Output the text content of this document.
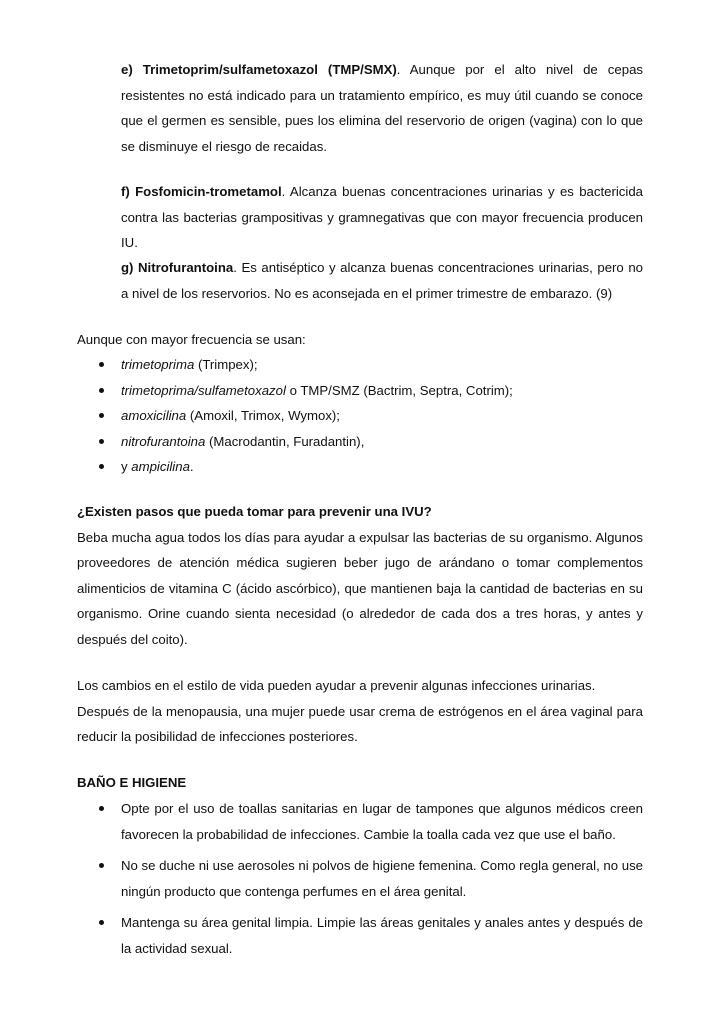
e) Trimetoprim/sulfametoxazol (TMP/SMX). Aunque por el alto nivel de cepas resistentes no está indicado para un tratamiento empírico, es muy útil cuando se conoce que el germen es sensible, pues los elimina del reservorio de origen (vagina) con lo que se disminuye el riesgo de recaidas.
f) Fosfomicin-trometamol. Alcanza buenas concentraciones urinarias y es bactericida contra las bacterias grampositivas y gramnegativas que con mayor frecuencia producen IU.
g) Nitrofurantoina. Es antiséptico y alcanza buenas concentraciones urinarias, pero no a nivel de los reservorios. No es aconsejada en el primer trimestre de embarazo. (9)
Aunque con mayor frecuencia se usan:
trimetoprima (Trimpex);
trimetoprima/sulfametoxazol o TMP/SMZ (Bactrim, Septra, Cotrim);
amoxicilina (Amoxil, Trimox, Wymox);
nitrofurantoina (Macrodantin, Furadantin),
y ampicilina.
¿Existen pasos que pueda tomar para prevenir una IVU?
Beba mucha agua todos los días para ayudar a expulsar las bacterias de su organismo. Algunos proveedores de atención médica sugieren beber jugo de arándano o tomar complementos alimenticios de vitamina C (ácido ascórbico), que mantienen baja la cantidad de bacterias en su organismo. Orine cuando sienta necesidad (o alrededor de cada dos a tres horas, y antes y después del coito).
Los cambios en el estilo de vida pueden ayudar a prevenir algunas infecciones urinarias.
Después de la menopausia, una mujer puede usar crema de estrógenos en el área vaginal para reducir la posibilidad de infecciones posteriores.
BAÑO E HIGIENE
Opte por el uso de toallas sanitarias en lugar de tampones que algunos médicos creen favorecen la probabilidad de infecciones. Cambie la toalla cada vez que use el baño.
No se duche ni use aerosoles ni polvos de higiene femenina. Como regla general, no use ningún producto que contenga perfumes en el área genital.
Mantenga su área genital limpia. Limpie las áreas genitales y anales antes y después de la actividad sexual.
